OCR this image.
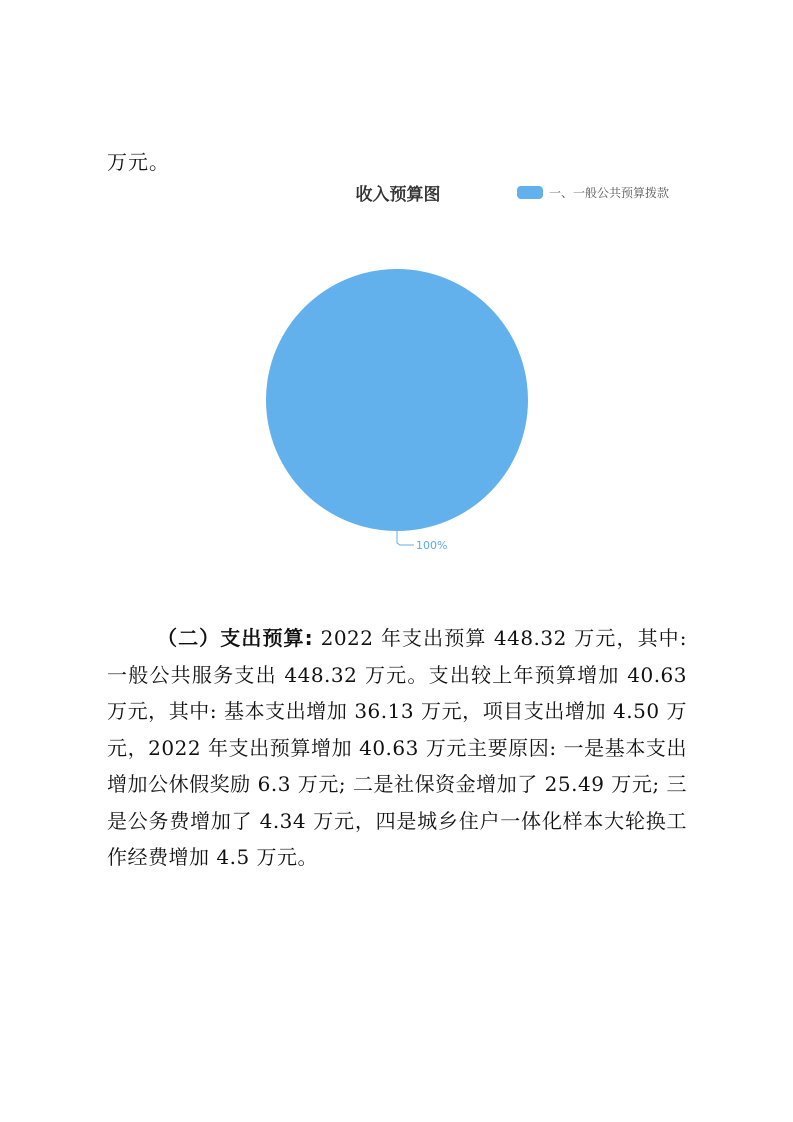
万元。
收入预算图	一、一般公共预算拨款
100%
（二）支出预算: 2022 年支出预算 448.32 万元，其中: 一般公共服务支出 448.32 万元。支出较上年预算增加 40.63 万元，其中: 基本支出增加 36.13 万元，项目支出增加 4.50 万元，2022 年支出预算增加 40.63 万元主要原因: 一是基本支出增加公休假奖励 6.3 万元; 二是社保资金增加了 25.49 万元; 三是公务费增加了 4.34 万元，四是城乡住户一体化样本大轮换工作经费增加 4.5 万元。
